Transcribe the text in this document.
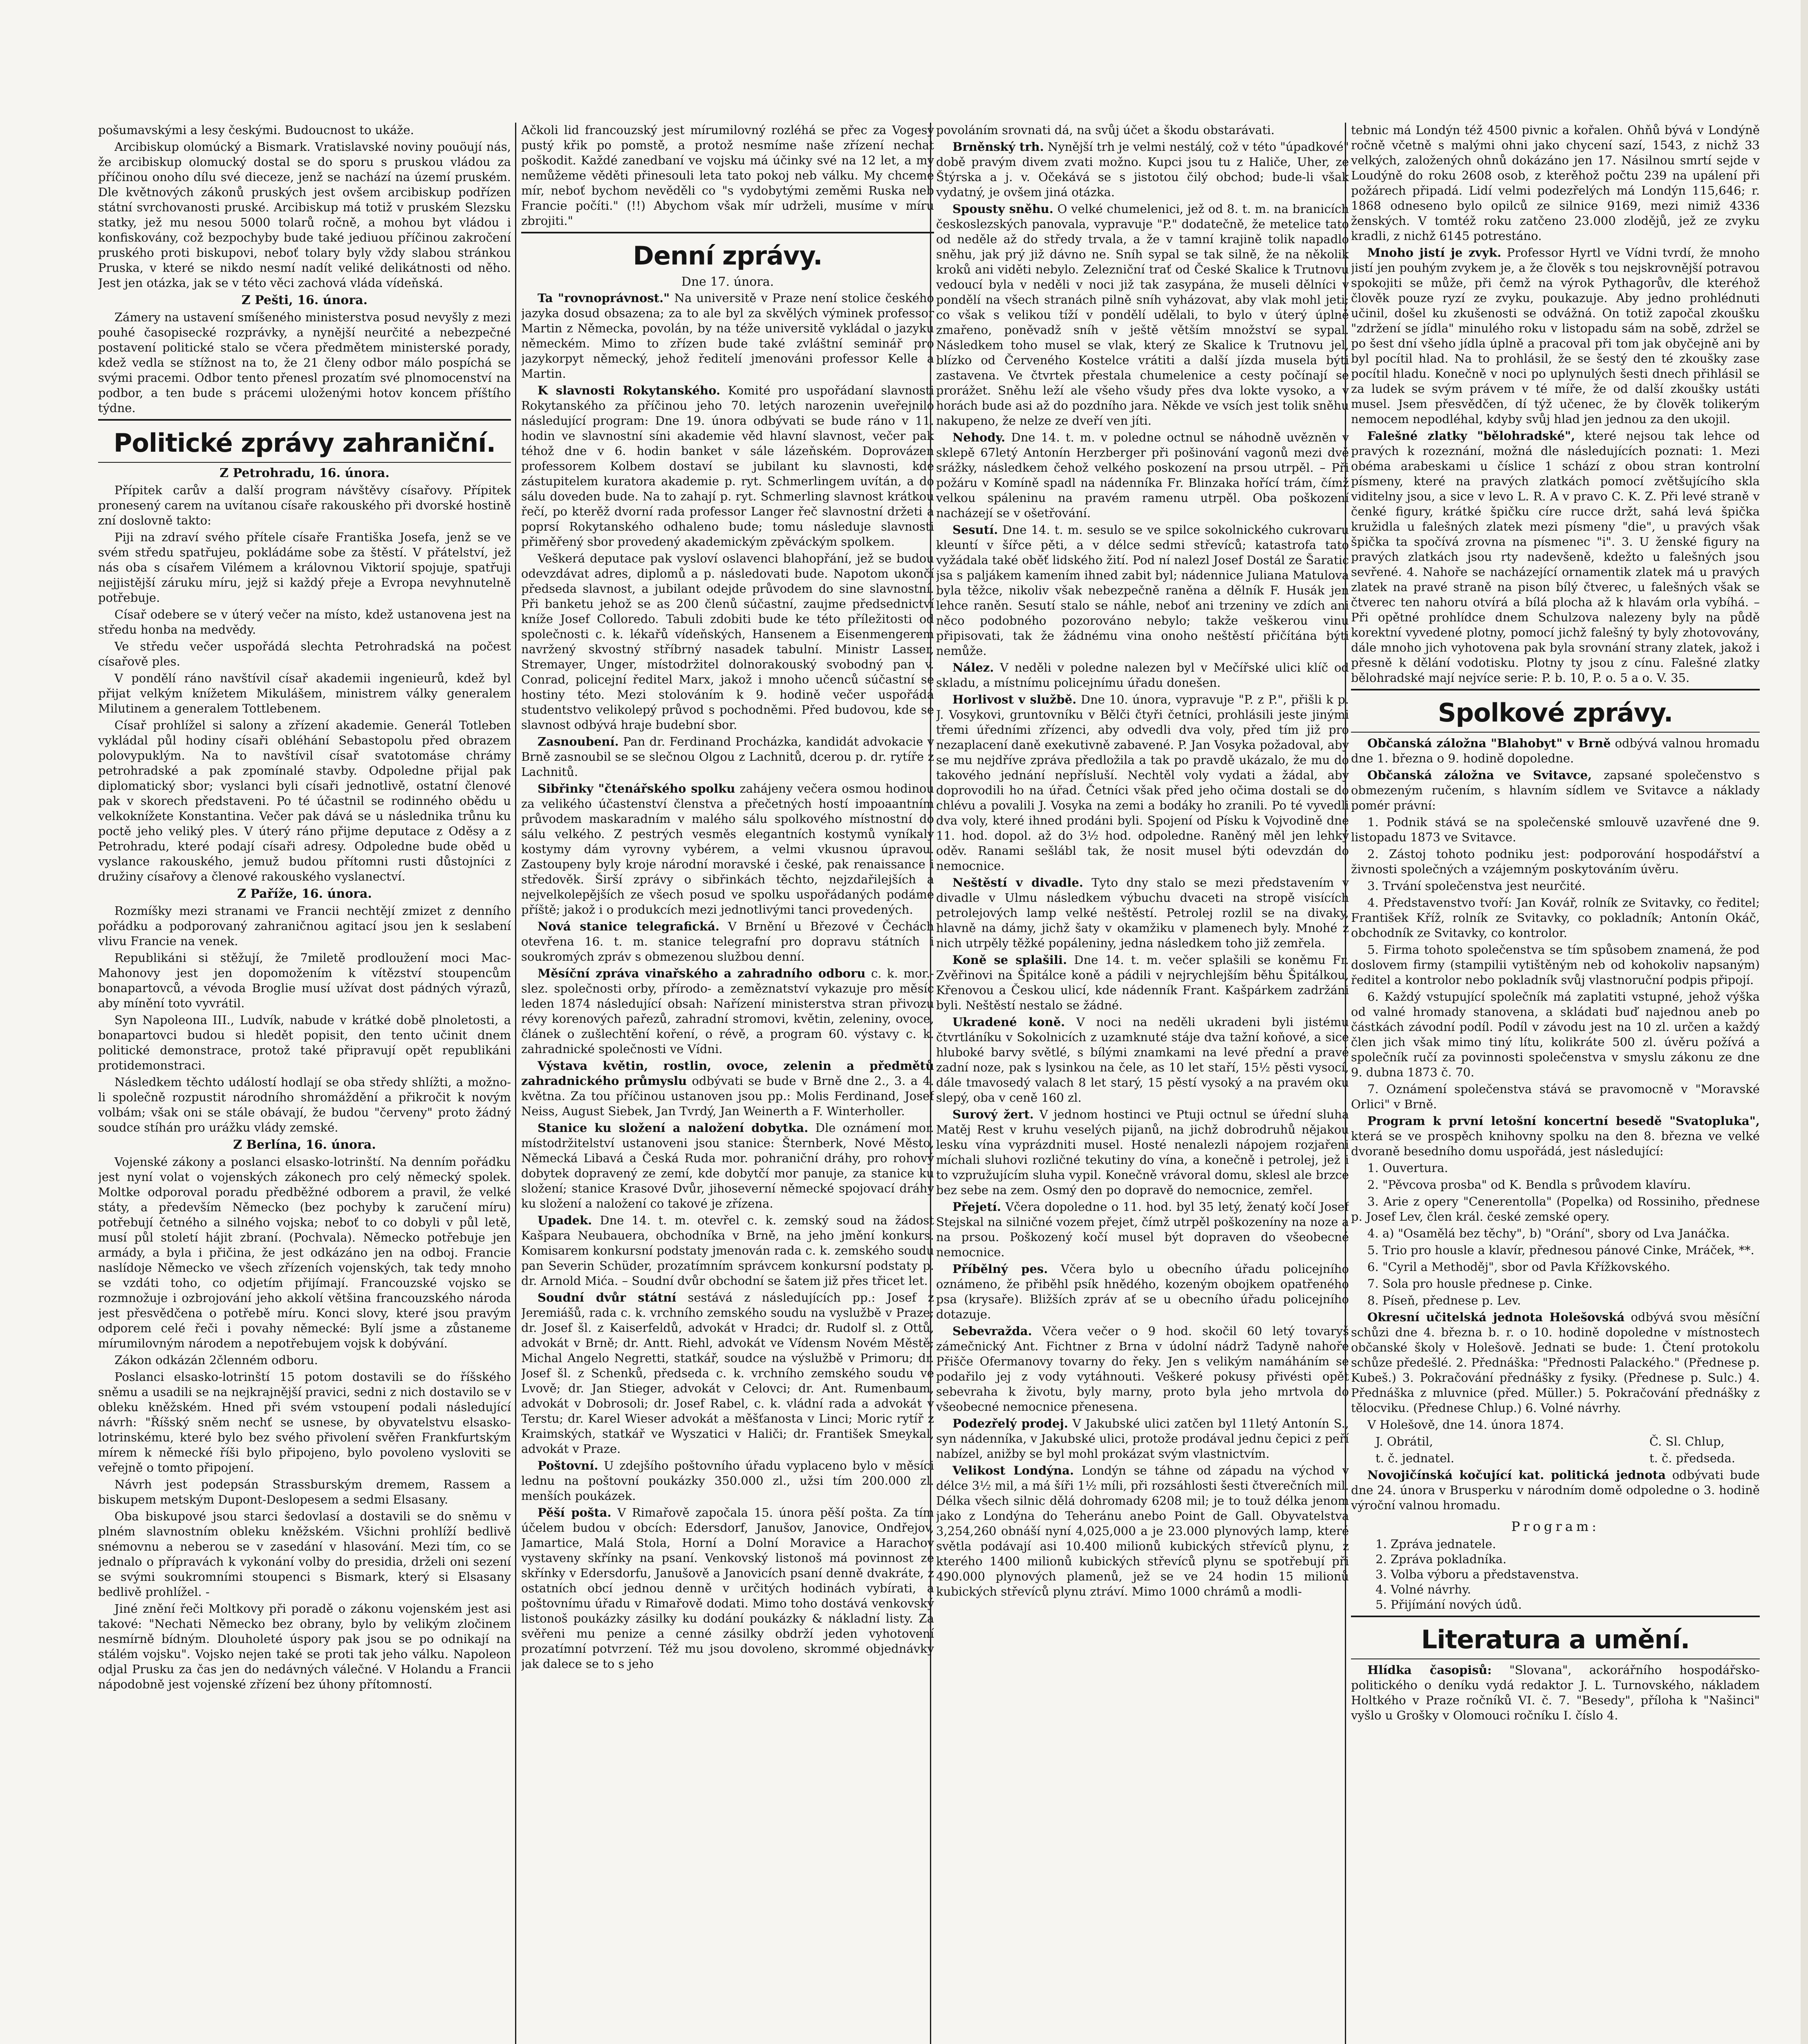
pošumavskými a lesy českými. Budoucnost to ukáže.

Arcibiskup olomúcký a Bismark. Vratislavské noviny pouöují nás, že arcibiskup olomucký dostal se do sporu s pruskou vládou za příčinou onoho dílu své dieceze, jenž se nachází na území pruském. Dle květnových zákonů pruských jest ovšem arcibiskup podřízen státní svrchovanosti pruské. Arcibiskup má totiž v pruském Slezsku statky, jež mu nesou 5000 tolarů ročně, a mohou byt vládou i konfiskovány, což bezpochyby bude také jediuou příčinou zakročení pruského proti biskupovi, neboť tolary byly vždy slabou stránkou Pruska, v které se nikdo nesmí nadít veliké delikátnosti od něho. Jest jen otázka, jak se v této věci zachová vláda vídeňská.

Z Pešti, 16. února.

Zámery na ustavení smíšeného ministerstva posud nevyšly z mezi pouhé časopisecké rozprávky, a nynější neurčité a nebezpečné postavení politické stalo se včera předmětem ministerské porady, kdež vedla se stížnost na to, že 21 členy odbor málo pospíchá se svými pracemi. Odbor tento přenesl prozatím své plnomocenství na podbor, a ten bude s prácemi uloženými hotov koncem příštího týdne.

Politické zprávy zahraniční.
Z Petrohradu, 16. února.

Přípitek carův a další program návštěvy císařovy. Přípitek pronesený carem na uvítanou císaře rakouského při dvorské hostině zní doslovně takto:

Piji na zdraví svého přítele císaře Františka Josefa, jenž se ve svém středu spatřujeu, pokládáme sobe za štěstí. V přátelství, jež nás oba s císařem Vilémem a královnou Viktorií spojuje, spatřuji nejjistější záruku míru, jejž si každý přeje a Evropa nevyhnutelně potřebuje.

Císař odebere se v úterý večer na místo, kdež ustanovena jest na středu honba na medvědy.

Ve středu večer uspořádá slechta Petrohradská na počest císařově ples.

V pondělí ráno navštívil císař akademii ingenieurů, kdež byl přijat velkým knížetem Mikulášem, ministrem války generalem Milutinem a generalem Tottlebenem.

Císař prohlížel si salony a zřízení akademie. Generál Totleben vykládal půl hodiny císaři obléhání Sebastopolu před obrazem polovypuklým. Na to navštívil císař svatotomáse chrámy petrohradské a pak zpomínalé stavby. Odpoledne přijal pak diplomatický sbor; vyslanci byli císaři jednotlivě, ostatní členové pak v skorech představeni. Po té účastnil se rodinného obědu u velkoknížete Konstantina. Večer pak dává se u následnika trůnu ku poctě jeho veliký ples. V úterý ráno přijme deputace z Oděsy a z Petrohradu, které podají císaři adresy. Odpoledne bude oběd u vyslance rakouského, jemuž budou přítomni rusti důstojníci z družiny císařovy a členové rakouského vyslanectví.

Z Paříže, 16. února.

Rozmíšky mezi stranami ve Francii nechtějí zmizet z denního pořádku a podporovaný zahraničnou agitací jsou jen k seslabení vlivu Francie na venek.

Republikáni si stěžují, že 7miletě prodloužení moci Mac-Mahonovy jest jen dopomožením k vítězství stoupencům bonapartovců, a vévoda Broglie musí užívat dost pádných výrazů, aby mínění toto vyvrátil.

Syn Napoleona III., Ludvík, nabude v krátké době plnoletosti, a bonapartovci budou si hledět popisit, den tento učinit dnem politické demonstrace, protož také připravují opět republikáni protidemonstraci.

Následkem těchto událostí hodlají se oba středy shlížti, a možno-li společně rozpustit národního shromáždění a přikročit k novým volbám; však oni se stále obávají, že budou "červeny" proto žádný soudce stíhán pro urážku vlády zemské.

Z Berlína, 16. února.

Vojenské zákony a poslanci elsasko-lotrinští. Na denním pořádku jest nyní volat o vojenských zákonech pro celý německý spolek. Moltke odporoval poradu předběžné odborem a pravil, že velké státy, a především Německo (bez pochyby k zaručení míru) potřebují četného a silného vojska; neboť to co dobyli v půl letě, musí půl století hájit zbraní. (Pochvala). Německo potřebuje jen armády, a byla i přičina, že jest odkázáno jen na odboj. Francie naslídoje Německo ve všech zřízeních vojenských, tak tedy mnoho se vzdáti toho, co odjetím přijímají. Francouzské vojsko se rozmnožuje i ozbrojování jeho akkolí většina francouzského národa jest přesvědčena o potřebě míru. Konci slovy, které jsou pravým odporem celé řeči i povahy německé: Bylí jsme a zůstaneme mírumilovným národem a nepotřebujem vojsk k dobývání.

Zákon odkázán 2členném odboru.

Poslanci elsasko-lotrinští 15 potom dostavili se do říšského sněmu a usadili se na nejkrajnější pravici, sedni z nich dostavilo se v obleku kněžském. Hned při svém vstoupení podali následující návrh: "Říšský sněm nechť se usnese, by obyvatelstvu elsasko-lotrinskému, které bylo bez svého přivolení svěřen Frankfurtským mírem k německé říši bylo připojeno, bylo povoleno vysloviti se veřejně o tomto připojení.

Návrh jest podepsán Strassburským dremem, Rassem a biskupem metským Dupont-Deslopesem a sedmi Elsasany.

Oba biskupové jsou starci šedovlasí a dostavili se do sněmu v plném slavnostním obleku kněžském. Všichni prohlíží bedlivě snémovnu a neberou se v zasedání v hlasování. Mezi tím, co se jednalo o přípravách k vykonání volby do presidia, drželi oni sezení se svými soukromními stoupenci s Bismark, který si Elsasany bedlivě prohlížel. -

Jiné znění řeči Moltkovy při poradě o zákonu vojenském jest asi takové: "Nechati Německo bez obrany, bylo by velikým zločinem nesmírně bídným. Dlouholeté úspory pak jsou se po odnikají na stálém vojsku". Vojsko nejen také se proti tak jeho válku. Napoleon odjal Prusku za čas jen do nedávných válečné. V Holandu a Francii nápodobně jest vojenské zřízení bez úhony přítomností.

Ačkoli lid francouzský jest mírumilovný rozléhá se přec za Vogesy pustý křik po pomstě, a protož nesmíme naše zřízení nechat poškodit. Každé zanedbaní ve vojsku má účinky své na 12 let, a my nemůžeme věděti přinesouli leta tato pokoj neb válku. My chceme mír, neboť bychom nevěděli co "s vydobytými zeměmi Ruska neb Francie počíti." (!!) Abychom však mír udrželi, musíme v míru zbrojiti."

Denní zprávy.
Dne 17. února.

Ta "rovnoprávnost." Na universitě v Praze není stolice českého jazyka dosud obsazena; za to ale byl za skvělých výminek professor Martin z Německa, povolán, by na téže universitě vykládal o jazyku německém. Mimo to zřízen bude také zvláštní seminář pro jazykorpyt německý, jehož ředitelí jmenováni professor Kelle a Martin.

K slavnosti Rokytanského. Komité pro uspořádaní slavnosti Rokytanského za příčinou jeho 70. letých narozenin uveřejnilo následující program: Dne 19. února odbývati se bude ráno v 11. hodin ve slavnostní síni akademie věd hlavní slavnost, večer pak téhož dne v 6. hodin banket v sále lázeňském. Doprovázen professorem Kolbem dostaví se jubilant ku slavnosti, kde zástupitelem kuratora akademie p. ryt. Schmerlingem uvítán, a do sálu doveden bude. Na to zahají p. ryt. Schmerling slavnost krátkou řečí, po kterěž dvorní rada professor Langer řeč slavnostní držeti a poprsí Rokytanského odhaleno bude; tomu následuje slavnosti přiměřený sbor provedený akademickým zpěváckým spolkem.

Veškerá deputace pak vysloví oslavenci blahopřání, jež se budou odevzdávat adres, diplomů a p. následovati bude. Napotom ukončí předseda slavnost, a jubilant odejde průvodem do sine slavnostní. Při banketu jehož se as 200 členů súčastní, zaujme předsednictví kníže Josef Colloredo. Tabuli zdobiti bude ke této příležitosti od společnosti c. k. lékařů vídeňských, Hansenem a Eisenmengerem navržený skvostný stříbrný nasadek tabulní. Ministr Lasser, Stremayer, Unger, místodržitel dolnorakouský svobodný pan v. Conrad, policejní ředitel Marx, jakož i mnoho učenců súčastní se hostiny této. Mezi stolováním k 9. hodině večer uspořádá studentstvo velikolepý průvod s pochodněmi. Před budovou, kde se slavnost odbývá hraje budební sbor.

Zasnoubení. Pan dr. Ferdinand Procházka, kandidát advokacie v Brně zasnoubil se se slečnou Olgou z Lachnitů, dcerou p. dr. rytíře z Lachnitů.

Sibřinky "čtenářského spolku zahájeny večera osmou hodinou za velikého účastenství členstva a přečetných hostí impoaantním průvodem maskaradním v malého sálu spolkového místnostní do sálu velkého. Z pestrých vesměs elegantních kostymů vyníkaly kostymy dám vyrovny vybérem, a velmi vkusnou úpravou. Zastoupeny byly kroje národní moravské i české, pak renaissance i středověk. Širší zprávy o sibřinkách těchto, nejzdařilejších a nejvelkolepějších ze všech posud ve spolku uspořádaných podáme příště; jakož i o produkcích mezi jednotlivými tanci provedených.

Nová stanice telegrafická. V Brnění u Březové v Čechách otevřena 16. t. m. stanice telegrafní pro dopravu státních i soukromých zpráv s obmezenou službou denní.

Měsíční zpráva vinařského a zahradního odboru c. k. mor.-slez. společnosti orby, přírodo- a zeměznatství vykazuje pro měsíc leden 1874 následující obsah: Nařízení ministerstva stran přivozu révy korenových pařezů, zahradní stromovi, květin, zeleniny, ovoce, článek o zušlechtění koření, o révě, a program 60. výstavy c. k. zahradnické společnosti ve Vídni.

Výstava květin, rostlin, ovoce, zelenin a předmětů zahradnického průmyslu odbývati se bude v Brně dne 2., 3. a 4. května. Za tou příčinou ustanoven jsou pp.: Molis Ferdinand, Josef Neiss, August Siebek, Jan Tvrdý, Jan Weinerth a F. Winterholler.

Stanice ku složení a naložení dobytka. Dle oznámení mor. místodržitelství ustanoveni jsou stanice: Šternberk, Nové Město, Německá Libavá a Česká Ruda mor. pohraniční dráhy, pro rohový dobytek dopravený ze zemí, kde dobytčí mor panuje, za stanice ku složení; stanice Krasové Dvůr, jihoseverní německé spojovací dráhy ku složení a naložení co takové je zřízena.

Upadek. Dne 14. t. m. otevřel c. k. zemský soud na žádost Kašpara Neubauera, obchodníka v Brně, na jeho jmění konkurs. Komisarem konkursní podstaty jmenován rada c. k. zemského soudu pan Severin Schüder, prozatímním správcem konkursní podstaty p. dr. Arnold Mića. – Soudní dvůr obchodní se šatem již přes třicet let.

Soudní dvůr státní sestává z následujících pp.: Josef z Jeremiášů, rada c. k. vrchního zemského soudu na vyslužbě v Praze; dr. Josef šl. z Kaiserfeldů, advokát v Hradci; dr. Rudolf sl. z Ottů, advokát v Brně; dr. Antt. Riehl, advokát ve Vídensm Novém Městě; Michal Angelo Negretti, statkář, soudce na výslužbě v Primoru; dr. Josef šl. z Schenků, předseda c. k. vrchního zemského soudu ve Lvově; dr. Jan Stieger, advokát v Celovci; dr. Ant. Rumenbaum, advokát v Dobrosoli; dr. Josef Rabel, c. k. vládní rada a advokát v Terstu; dr. Karel Wieser advokát a měšťanosta v Linci; Moric rytíř z Kraimských, statkář ve Wyszatici v Haliči; dr. František Smeykal, advokát v Praze.

Poštovní. U zdejšího poštovního úřadu vyplaceno bylo v měsíci lednu na poštovní poukázky 350.000 zl., užsi tím 200.000 zl. menších poukázek.

Pěší pošta. V Rimařově započala 15. února pěší pošta. Za tím účelem budou v obcích: Edersdorf, Janušov, Janovice, Ondřejov, Jamartice, Malá Stola, Horní a Dolní Moravice a Harachov vystaveny skřínky na psaní. Venkovský listonoš má povinnost ze skřínky v Edersdorfu, Janušově a Janovicích psaní denně dvakráte, z ostatních obcí jednou denně v určitých hodinách vybírati, a poštovnímu úřadu v Rimařově dodati. Mimo toho dostává venkovský listonoš poukázky zásilky ku dodání poukázky & nákladní listy. Za svěřeni mu penize a cenné zásilky obdrží jeden vyhotovení prozatímní potvrzení. Též mu jsou dovoleno, skrommé objednávky jak dalece se to s jeho

povoláním srovnati dá, na svůj účet a škodu obstarávati.

Brněnský trh. Nynější trh je velmi nestálý, což v této "úpadkové" době pravým divem zvati možno. Kupci jsou tu z Haliče, Uher, ze Štýrska a j. v. Očekává se s jistotou čilý obchod; bude-li však vydatný, je ovšem jiná otázka.

Spousty sněhu. O velké chumelenici, jež od 8. t. m. na branicích českoslezských panovala, vypravuje "P." dodatečně, že metelice tato od neděle až do středy trvala, a že v tamní krajině tolik napadlo sněhu, jak prý již dávno ne. Sníh sypal se tak silně, že na několik kroků ani viděti nebylo. Zelezniční trať od České Skalice k Trutnovu vedoucí byla v neděli v noci již tak zasypána, že museli dělníci v pondělí na všech stranách pilně sníh vyházovat, aby vlak mohl jeti; co však s velikou tíží v pondělí udělali, to bylo v úterý úplně zmařeno, poněvadž sníh v ještě větším množství se sypal. Následkem toho musel se vlak, který ze Skalice k Trutnovu jel, blízko od Červeného Kostelce vrátiti a další jízda musela býti zastavena. Ve čtvrtek přestala chumelenice a cesty počínají se prorážet. Sněhu leží ale všeho všudy přes dva lokte vysoko, a v horách bude asi až do pozdního jara. Někde ve vsích jest tolik sněhu nakupeno, že nelze ze dveří ven jíti.

Nehody. Dne 14. t. m. v poledne octnul se náhodně uvězněn v sklepě 67letý Antonín Herzberger při pošinování vagonů mezi dvě srážky, následkem čehož velkého poskození na prsou utrpěl. – Při požáru v Komíně spadl na nádenníka Fr. Blinzaka hořící trám, čímž velkou spáleninu na pravém ramenu utrpěl. Oba poškození nacházejí se v ošetřování.

Sesutí. Dne 14. t. m. sesulo se ve spilce sokolnického cukrovaru kleuntí v šířce pěti, a v délce sedmi střevíců; katastrofa tato vyžádala také oběť lidského žití. Pod ní nalezl Josef Dostál ze Šaratic jsa s paljákem kamením ihned zabit byl; nádennice Juliana Matulova byla těžce, nikoliv však nebezpečně raněna a dělník F. Husák jen lehce raněn. Sesutí stalo se náhle, neboť ani trzeniny ve zdích ani něco podobného pozorováno nebylo; takže veškerou vinu připisovati, tak že žádnému vina onoho neštěstí přičítána býti nemůže.

Nález. V neděli v poledne nalezen byl v Mečířské ulici klíč od skladu, a místnímu policejnímu úřadu donešen.

Horlivost v službě. Dne 10. února, vypravuje "P. z P.", přišli k p. J. Vosykovi, gruntovníku v Bělči čtyři četníci, prohlásili jeste jinými třemi úředními zřízenci, aby odvedli dva voly, před tím již pro nezaplacení daně exekutivně zabavené. P. Jan Vosyka požadoval, aby se mu nejdříve zpráva předložila a tak po pravdě ukázalo, že mu do takového jednání nepřísluší. Nechtěl voly vydati a žádal, aby doprovodili ho na úřad. Četníci však před jeho očima dostali se do chlévu a povalili J. Vosyka na zemi a bodáky ho zranili. Po té vyvedli dva voly, které ihned prodáni byli. Spojení od Písku k Vojvodině dne 11. hod. dopol. až do 3½ hod. odpoledne. Raněný měl jen lehký oděv. Ranami sešlábl tak, že nosit musel býti odevzdán do nemocnice.

Neštěstí v divadle. Tyto dny stalo se mezi představením v divadle v Ulmu následkem výbuchu dvaceti na stropě visících petrolejových lamp velké neštěstí. Petrolej rozlil se na divaky, hlavně na dámy, jichž šaty v okamžiku v plamenech byly. Mnohé z nich utrpěly těžké popáleniny, jedna následkem toho již zemřela.

Koně se splašili. Dne 14. t. m. večer splašili se koněmu Fr. Zvěřinovi na Špitálce koně a pádili v nejrychlejším běhu Špitálkou, Křenovou a Českou ulicí, kde nádenník Frant. Kašpárkem zadržáni byli. Neštěstí nestalo se žádné.

Ukradené koně. V noci na neděli ukradeni byli jistému čtvrtláníku v Sokolnicích z uzamknuté stáje dva tažní koňové, a sice hluboké barvy světlé, s bílými znamkami na levé přední a pravé zadní noze, pak s lysinkou na čele, as 10 let staří, 15½ pěsti vysocí, dále tmavosedý valach 8 let starý, 15 pěstí vysoký a na pravém oku slepý, oba v ceně 160 zl.

Surový žert. V jednom hostinci ve Ptuji octnul se úřední sluha Matěj Rest v kruhu veselých pijanů, na jichž dobrodruhů nějakou lesku vína vyprázdniti musel. Hosté nenalezli nápojem rozjařeni míchali sluhovi rozličné tekutiny do vína, a konečně i petrolej, jež i to vzpružujícím sluha vypil. Konečně vrávoral domu, sklesl ale brzce bez sebe na zem. Osmý den po dopravě do nemocnice, zemřel.

Přejetí. Včera dopoledne o 11. hod. byl 35 letý, ženatý kočí Josef Stejskal na silničné vozem přejet, čímž utrpěl poškozeníny na noze a na prsou. Poškozený kočí musel být dopraven do všeobecné nemocnice.

Příbělný pes. Včera bylo u obecního úřadu policejního oznámeno, že přiběhl psík hnědého, kozeným obojkem opatřeného psa (krysaře). Bližších zpráv ať se u obecního úřadu policejního dotazuje.

Sebevražda. Včera večer o 9 hod. skočil 60 letý tovaryš zámečnický Ant. Fichtner z Brna v údolní nádrž Tadyně nahoře Přišče Ofermanovy tovarny do řeky. Jen s velikým namáháním se podařilo jej z vody vytáhnouti. Veškeré pokusy přivésti opět sebevraha k životu, byly marny, proto byla jeho mrtvola do všeobecné nemocnice přenesena.

Podezřelý prodej. V Jakubské ulici zatčen byl 11letý Antonín S., syn nádenníka, v Jakubské ulici, protože prodával jednu čepici z peří nabízel, anižby se byl mohl prokázat svým vlastnictvím.

Velikost Londýna. Londýn se táhne od západu na východ v délce 3½ mil, a má šíři 1½ míli, při rozsáhlosti šesti čtverečních mil. Délka všech silnic dělá dohromady 6208 mil; je to touž délka jenom jako z Londýna do Teheránu anebo Point de Gall. Obyvatelstva 3,254,260 obnáší nyní 4,025,000 a je 23.000 plynových lamp, které světla podávají asi 10.400 milionů kubických střevíců plynu, z kterého 1400 milionů kubických střevíců plynu se spotřebují při 490.000 plynových plamenů, jež se ve 24 hodin 15 milionů kubických střevíců plynu ztráví. Mimo 1000 chrámů a modli-

tebnic má Londýn též 4500 pivnic a kořalen. Ohňů bývá v Londýně ročně včetně s malými ohni jako chycení sazí, 1543, z nichž 33 velkých, založených ohnů dokázáno jen 17. Násilnou smrtí sejde v Loudýně do roku 2608 osob, z kterěhož počtu 239 na upálení při požárech připadá. Lidí velmi podezřelých má Londýn 115,646; r. 1868 odneseno bylo opilců ze silnice 9169, mezi nimiž 4336 ženských. V tomtéž roku zatčeno 23.000 zlodějů, jež ze zvyku kradli, z nichž 6145 potrestáno.

Mnoho jistí je zvyk. Professor Hyrtl ve Vídni tvrdí, že mnoho jistí jen pouhým zvykem je, a že člověk s tou nejskrovnější potravou spokojiti se může, při čemž na výrok Pythagorův, dle kteréhož člověk pouze ryzí ze zvyku, poukazuje. Aby jedno prohlédnuti učinil, došel ku zkušenosti se odvážná. On totiž započal zkoušku "zdržení se jídla" minulého roku v listopadu sám na sobě, zdržel se po šest dní všeho jídla úplně a pracoval při tom jak obyčejně ani by byl pocítil hlad. Na to prohlásil, že se šestý den té zkoušky zase pocítil hladu. Konečně v noci po uplynulých šesti dnech přihlásil se za ludek se svým právem v té míře, že od další zkoušky ustáti musel. Jsem přesvědčen, dí týž učenec, že by člověk tolikerým nemocem nepodléhal, kdyby svůj hlad jen jednou za den ukojil.

Falešné zlatky "bělohradské", které nejsou tak lehce od pravých k rozeznání, možná dle následujících poznati: 1. Mezi obéma arabeskami u číslice 1 schází z obou stran kontrolní písmeny, které na pravých zlatkách pomocí zvětšujícího skla viditelny jsou, a sice v levo L. R. A v pravo C. K. Z. Při levé straně v čenké figury, krátké špičku círe rucce držt, sahá levá špička kružidla u falešných zlatek mezi písmeny "die", u pravých však špička ta spočívá zrovna na písmenec "i". 3. U ženské figury na pravých zlatkách jsou rty nadevšeně, kdežto u falešných jsou sevřené. 4. Nahoře se nacházející ornamentik zlatek má u pravých zlatek na pravé straně na pison bílý čtverec, u falešných však se čtverec ten nahoru otvírá a bílá plocha až k hlavám orla vybíhá. – Při opětné prohlídce dnem Schulzova nalezeny byly na půdě korektní vyvedené plotny, pomocí jichž falešný ty byly zhotovovány, dále mnoho jich vyhotovena pak byla srovnání strany zlatek, jakož i přesně k dělání vodotisku. Plotny ty jsou z cínu. Falešné zlatky bělohradské mají nejvíce serie: P. b. 10, P. o. 5 a o. V. 35.

Spolkové zprávy.

Občanská záložna "Blahobyt" v Brně odbývá valnou hromadu dne 1. března o 9. hodině dopoledne.

Občanská záložna ve Svitavce, zapsané společenstvo s obmezeným ručením, s hlavním sídlem ve Svitavce a náklady pomér právní:

1. Podnik stává se na společenské smlouvě uzavřené dne 9. listopadu 1873 ve Svitavce.

2. Zástoj tohoto podniku jest: podporování hospodářství a živnosti společných a vzájemným poskytováním úvěru.

3. Trvání společenstva jest neurčité.

4. Představenstvo tvoří: Jan Kovář, rolník ze Svitavky, co ředitel; František Kříž, rolník ze Svitavky, co pokladník; Antonín Okáč, obchodník ze Svitavky, co kontrolor.

5. Firma tohoto společenstva se tím spůsobem znamená, že pod doslovem firmy (stampilii vytištěným neb od kohokoliv napsaným) ředitel a kontrolor nebo pokladník svůj vlastnoruční podpis připojí.

6. Každý vstupující společník má zaplatiti vstupné, jehož výška od valné hromady stanovena, a skládati buď najednou aneb po částkách závodní podíl. Podíl v závodu jest na 10 zl. určen a každý člen jich však mimo tiný lítu, kolikráte 500 zl. úvěru požívá a společník ručí za povinnosti společenstva v smyslu zákonu ze dne 9. dubna 1873 č. 70.

7. Oznámení společenstva stává se pravomocně v "Moravské Orlici" v Brně.

Program k první letošní koncertní besedě "Svatopluka", která se ve prospěch knihovny spolku na den 8. března ve velké dvoraně besedního domu uspořádá, jest následující:

1. Ouvertura.

2. "Pěvcova prosba" od K. Bendla s průvodem klavíru.

3. Arie z opery "Cenerentolla" (Popelka) od Rossiniho, přednese p. Josef Lev, člen král. české zemské opery.

4. a) "Osamělá bez těchy", b) "Orání", sbory od Lva Janáčka.

5. Trio pro housle a klavír, přednesou pánové Cinke, Mráček, **.

6. "Cyril a Methoděj", sbor od Pavla Křížkovského.

7. Sola pro housle přednese p. Cinke.

8. Píseň, přednese p. Lev.

Okresní učitelská jednota Holešovská odbývá svou měsíční schůzi dne 4. března b. r. o 10. hodině dopoledne v místnostech občanské školy v Holešově. Jednati se bude: 1. Čtení protokolu schůze předešlé. 2. Přednáška: "Přednosti Palackého." (Přednese p. Kubeš.) 3. Pokračování přednášky z fysiky. (Přednese p. Sulc.) 4. Přednáška z mluvnice (před. Müller.) 5. Pokračování přednášky z tělocviku. (Přednese Chlup.) 6. Volné návrhy.

V Holešově, dne 14. února 1874.

J. Obrátil,
t. č. jednatel.
Č. Sl. Chlup,
t. č. předseda.

Novojičínská kočující kat. politická jednota odbývati bude dne 24. února v Brusperku v národním domě odpoledne o 3. hodině výroční valnou hromadu.

Program:
1. Zpráva jednatele.
2. Zpráva pokladníka.
3. Volba výboru a představenstva.
4. Volné návrhy.
5. Přijímání nových údů.
Literatura a umění.

Hlídka časopisů: "Slovana", ackorářního hospodářsko-politického o deníku vydá redaktor J. L. Turnovského, nákladem Holtkého v Praze ročníků VI. č. 7. "Besedy", příloha k "Našinci" vyšlo u Grošky v Olomouci ročníku I. číslo 4.
